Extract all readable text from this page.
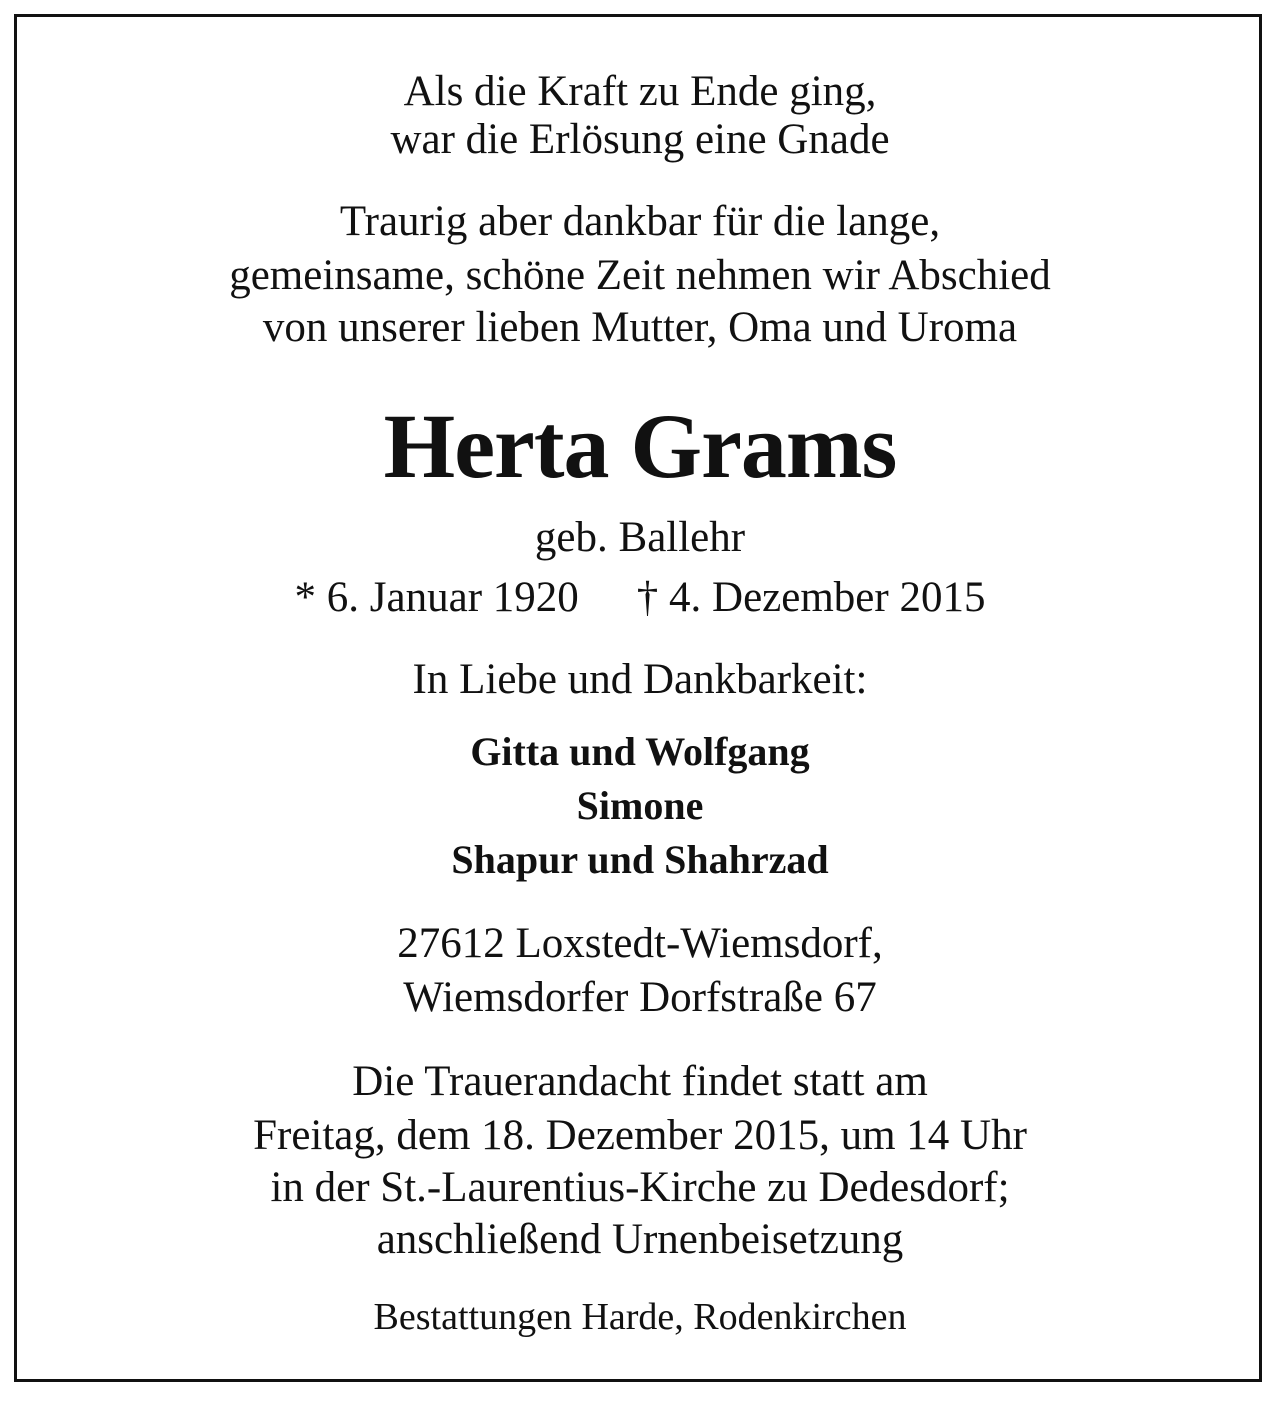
Als die Kraft zu Ende ging,
war die Erlösung eine Gnade
Traurig aber dankbar für die lange,
gemeinsame, schöne Zeit nehmen wir Abschied
von unserer lieben Mutter, Oma und Uroma
Herta Grams
geb. Ballehr
* 6. Januar 1920 † 4. Dezember 2015
In Liebe und Dankbarkeit:
Gitta und Wolfgang
Simone
Shapur und Shahrzad
27612 Loxstedt-Wiemsdorf,
Wiemsdorfer Dorfstraße 67
Die Trauerandacht findet statt am
Freitag, dem 18. Dezember 2015, um 14 Uhr
in der St.-Laurentius-Kirche zu Dedesdorf;
anschließend Urnenbeisetzung
Bestattungen Harde, Rodenkirchen
